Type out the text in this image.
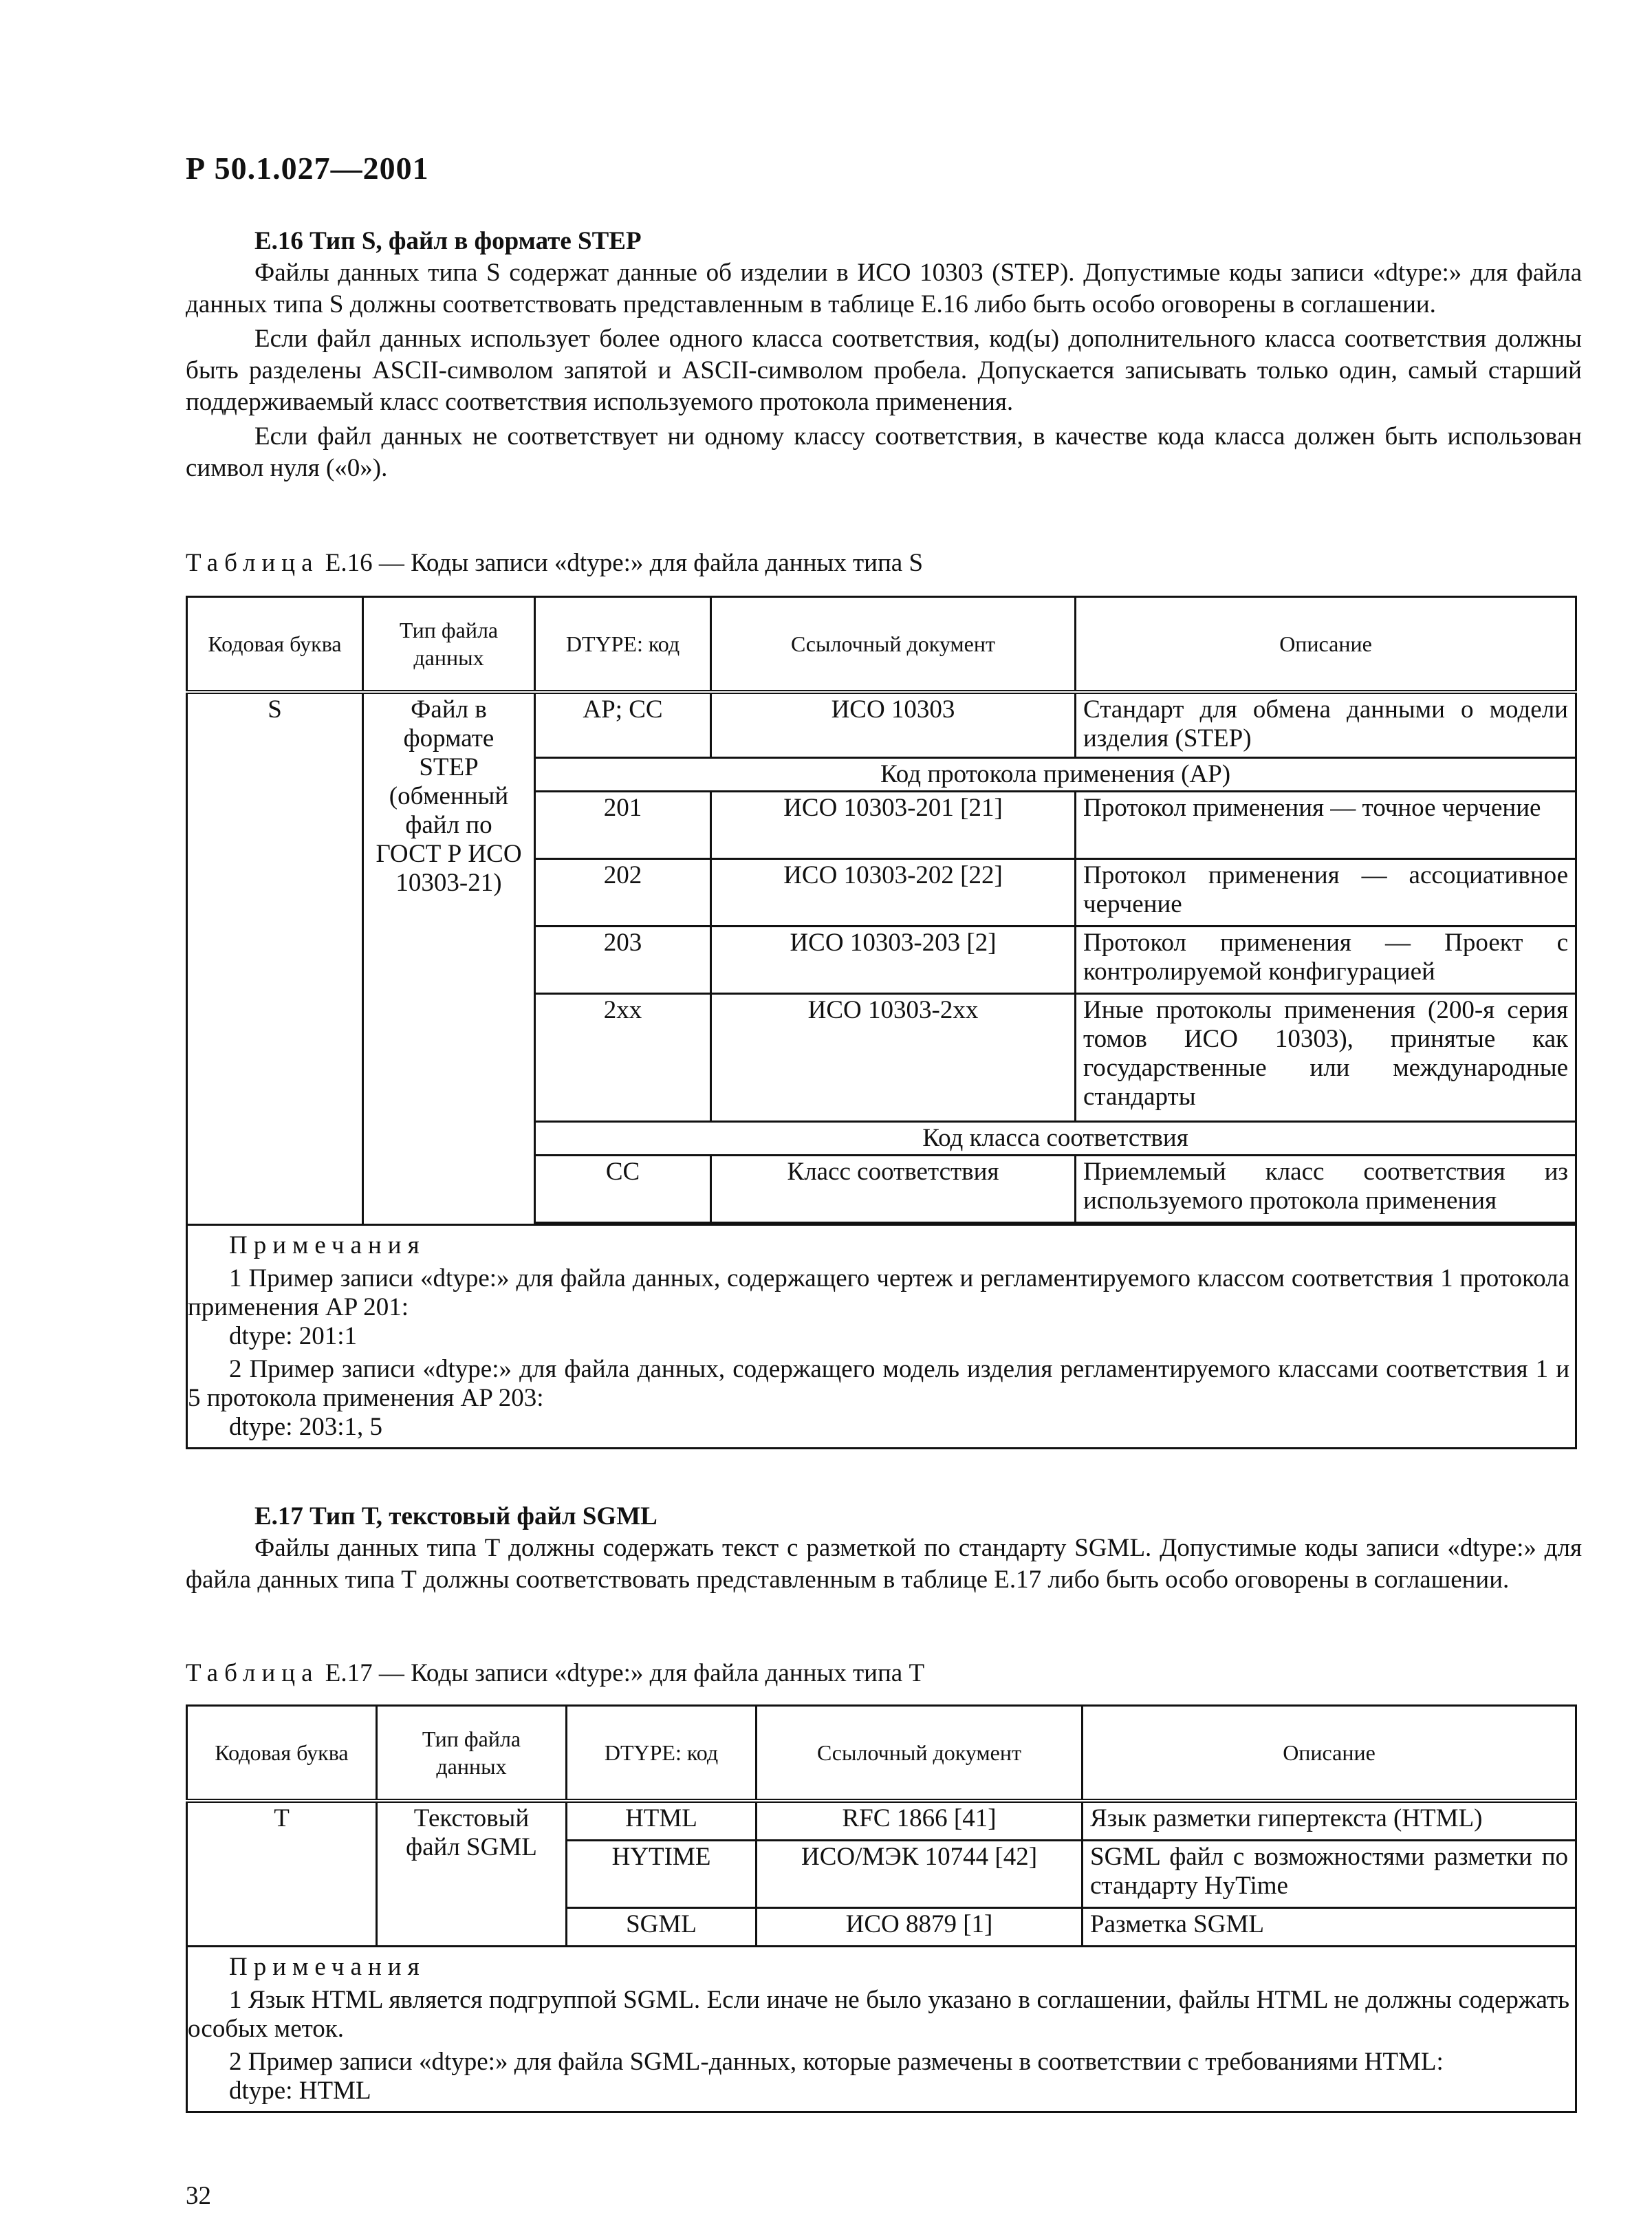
Р 50.1.027—2001
Е.16 Тип S, файл в формате STEP

Файлы данных типа S содержат данные об изделии в ИСО 10303 (STEP). Допустимые коды записи «dtype:» для файла данных типа S должны соответствовать представленным в таблице Е.16 либо быть особо оговорены в соглашении.

Если файл данных использует более одного класса соответствия, код(ы) дополнительного класса соответствия должны быть разделены ASCII-символом запятой и ASCII-символом пробела. Допускается записывать только один, самый старший поддерживаемый класс соответствия используемого протокола применения.

Если файл данных не соответствует ни одному классу соответствия, в качестве кода класса должен быть использован символ нуля («0»).

Таблица Е.16 — Коды записи «dtype:» для файла данных типа S
Кодовая буква	Тип файла данных	DTYPE: код	Ссылочный документ	Описание
S	Файл в формате STEP (обменный файл по ГОСТ Р ИСО 10303-21)	AP; CC	ИСО 10303	Стандарт для обмена данными о модели изделия (STEP)
		Код протокола применения (AP)		
		201	ИСО 10303-201 [21]	Протокол применения — точное черчение
		202	ИСО 10303-202 [22]	Протокол применения — ассоциативное черчение
		203	ИСО 10303-203 [2]	Протокол применения — Проект с контролируемой конфигурацией
		2xx	ИСО 10303-2xx	Иные протоколы применения (200-я серия томов ИСО 10303), принятые как государственные или международные стандарты
		Код класса соответствия		
		CC	Класс соответствия	Приемлемый класс соответствия из используемого протокола применения

Примечания
1 Пример записи «dtype:» для файла данных, содержащего чертеж и регламентируемого классом соответствия 1 протокола применения AP 201:
dtype: 201:1
2 Пример записи «dtype:» для файла данных, содержащего модель изделия регламентируемого классами соответствия 1 и 5 протокола применения AP 203:
dtype: 203:1, 5				
Е.17 Тип Т, текстовый файл SGML

Файлы данных типа Т должны содержать текст с разметкой по стандарту SGML. Допустимые коды записи «dtype:» для файла данных типа Т должны соответствовать представленным в таблице Е.17 либо быть особо оговорены в соглашении.

Таблица Е.17 — Коды записи «dtype:» для файла данных типа Т
Кодовая буква	Тип файла данных	DTYPE: код	Ссылочный документ	Описание
Т	Текстовый файл SGML	HTML	RFC 1866 [41]	Язык разметки гипертекста (HTML)
		HYTIME	ИСО/МЭК 10744 [42]	SGML файл с возможностями разметки по стандарту HyTime
		SGML	ИСО 8879 [1]	Разметка SGML

Примечания
1 Язык HTML является подгруппой SGML. Если иначе не было указано в соглашении, файлы HTML не должны содержать особых меток.
2 Пример записи «dtype:» для файла SGML-данных, которые размечены в соответствии с требованиями HTML:
dtype: HTML				
32
